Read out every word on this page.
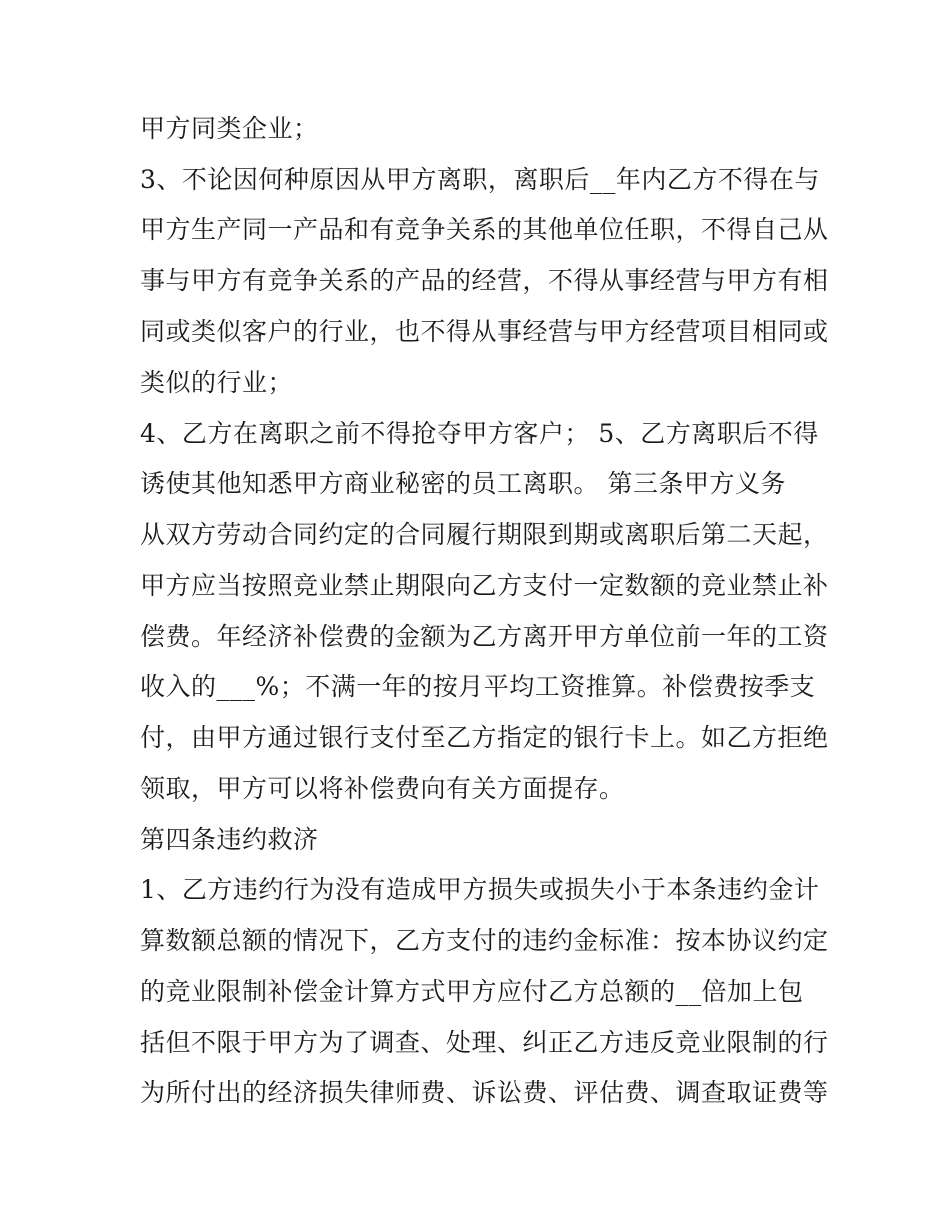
甲方同类企业；
3、不论因何种原因从甲方离职，离职后__年内乙方不得在与
甲方生产同一产品和有竞争关系的其他单位任职，不得自己从
事与甲方有竞争关系的产品的经营，不得从事经营与甲方有相
同或类似客户的行业，也不得从事经营与甲方经营项目相同或
类似的行业；
4、乙方在离职之前不得抢夺甲方客户； 5、乙方离职后不得
诱使其他知悉甲方商业秘密的员工离职。 第三条甲方义务
从双方劳动合同约定的合同履行期限到期或离职后第二天起，
甲方应当按照竞业禁止期限向乙方支付一定数额的竞业禁止补
偿费。年经济补偿费的金额为乙方离开甲方单位前一年的工资
收入的___%；不满一年的按月平均工资推算。补偿费按季支
付，由甲方通过银行支付至乙方指定的银行卡上。如乙方拒绝
领取，甲方可以将补偿费向有关方面提存。
第四条违约救济
1、乙方违约行为没有造成甲方损失或损失小于本条违约金计
算数额总额的情况下，乙方支付的违约金标准：按本协议约定
的竞业限制补偿金计算方式甲方应付乙方总额的__倍加上包
括但不限于甲方为了调查、处理、纠正乙方违反竞业限制的行
为所付出的经济损失律师费、诉讼费、评估费、调查取证费等
